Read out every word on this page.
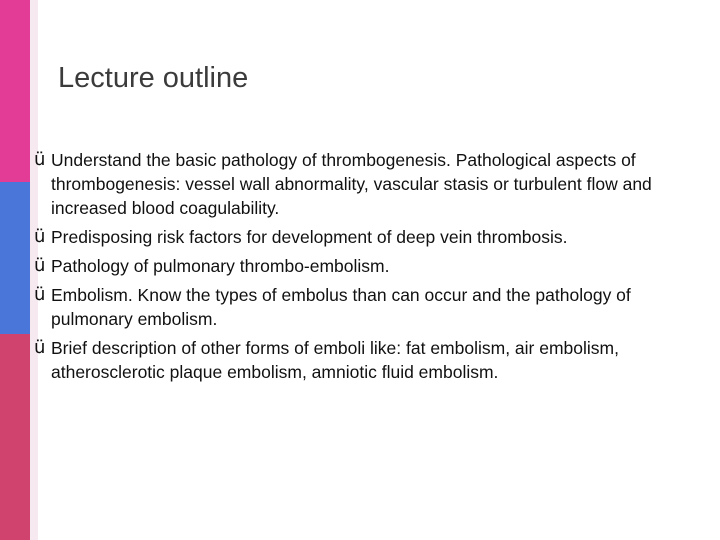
Lecture outline
ü Understand the basic pathology of thrombogenesis. Pathological aspects of thrombogenesis: vessel wall abnormality, vascular stasis or turbulent flow and increased blood coagulability.
ü Predisposing risk factors for development of deep vein thrombosis.
ü Pathology of pulmonary thrombo-embolism.
ü Embolism. Know the types of embolus than can occur and the pathology of pulmonary embolism.
ü Brief description of other forms of emboli like: fat embolism, air embolism, atherosclerotic plaque embolism, amniotic fluid embolism.
